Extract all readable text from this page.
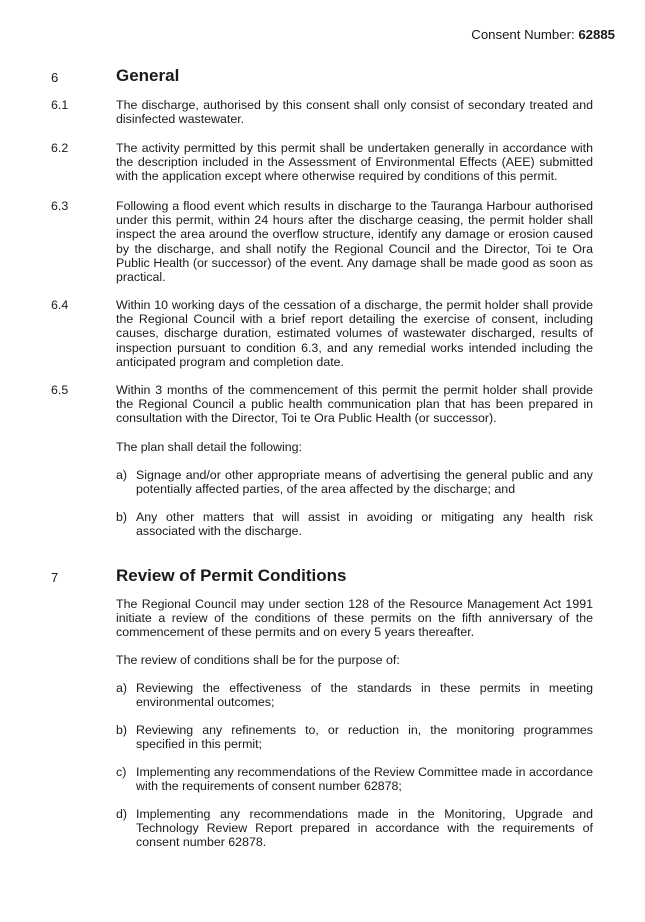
Consent Number: 62885
6	General
6.1	The discharge, authorised by this consent shall only consist of secondary treated and disinfected wastewater.
6.2	The activity permitted by this permit shall be undertaken generally in accordance with the description included in the Assessment of Environmental Effects (AEE) submitted with the application except where otherwise required by conditions of this permit.
6.3	Following a flood event which results in discharge to the Tauranga Harbour authorised under this permit, within 24 hours after the discharge ceasing, the permit holder shall inspect the area around the overflow structure, identify any damage or erosion caused by the discharge, and shall notify the Regional Council and the Director, Toi te Ora Public Health (or successor) of the event. Any damage shall be made good as soon as practical.
6.4	Within 10 working days of the cessation of a discharge, the permit holder shall provide the Regional Council with a brief report detailing the exercise of consent, including causes, discharge duration, estimated volumes of wastewater discharged, results of inspection pursuant to condition 6.3, and any remedial works intended including the anticipated program and completion date.
6.5	Within 3 months of the commencement of this permit the permit holder shall provide the Regional Council a public health communication plan that has been prepared in consultation with the Director, Toi te Ora Public Health (or successor).
The plan shall detail the following:
a) Signage and/or other appropriate means of advertising the general public and any potentially affected parties, of the area affected by the discharge; and
b) Any other matters that will assist in avoiding or mitigating any health risk associated with the discharge.
7	Review of Permit Conditions
The Regional Council may under section 128 of the Resource Management Act 1991 initiate a review of the conditions of these permits on the fifth anniversary of the commencement of these permits and on every 5 years thereafter.
The review of conditions shall be for the purpose of:
a) Reviewing the effectiveness of the standards in these permits in meeting environmental outcomes;
b) Reviewing any refinements to, or reduction in, the monitoring programmes specified in this permit;
c) Implementing any recommendations of the Review Committee made in accordance with the requirements of consent number 62878;
d) Implementing any recommendations made in the Monitoring, Upgrade and Technology Review Report prepared in accordance with the requirements of consent number 62878.
